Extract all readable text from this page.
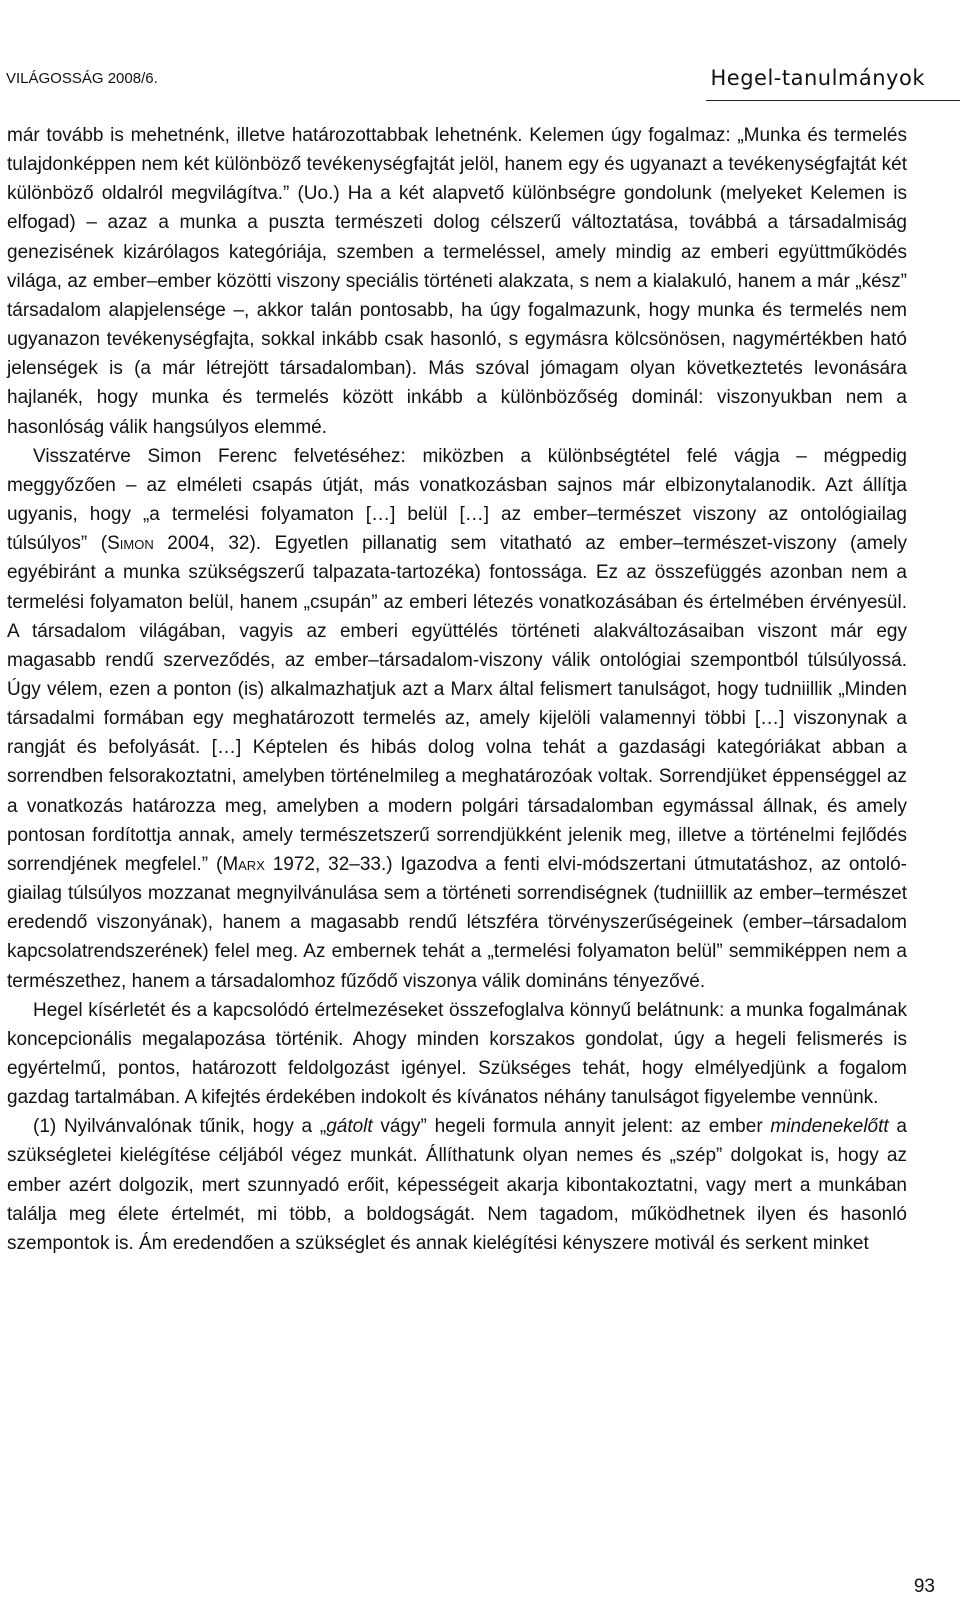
VILÁGOSSÁG 2008/6.	Hegel-tanulmányok

már tovább is mehetnénk, illetve határozottabbak lehetnénk. Kelemen úgy fogalmaz: „Munka és termelés tulajdonképpen nem két különböző tevékenységfajtát jelöl, hanem egy és ugyanazt a tevékenységfajtát két különböző oldalról megvilágítva.” (Uo.) Ha a két alapvető különbségre gondolunk (melyeket Kelemen is elfogad) – azaz a munka a puszta természeti dolog célszerű változtatása, továbbá a társadalmiság genezisének kizárólagos kategóriája, szemben a termeléssel, amely mindig az emberi együttműködés világa, az ember–ember közötti viszony speciális történeti alakzata, s nem a kialakuló, hanem a már „kész” társadalom alapjelensége –, akkor talán pontosabb, ha úgy fogalmazunk, hogy munka és termelés nem ugyanazon tevékenységfajta, sokkal inkább csak hasonló, s egymásra kölcsönösen, nagymértékben ható jelenségek is (a már létrejött társadalomban). Más szóval jómagam olyan következtetés levonására hajlanék, hogy munka és termelés között inkább a különbözőség dominál: viszonyukban nem a hasonlóság válik hangsúlyos elemmé.

Visszatérve Simon Ferenc felvetéséhez: miközben a különbségtétel felé vágja – mégpedig meggyőzően – az elméleti csapás útját, más vonatkozásban sajnos már elbizonytalanodik. Azt állítja ugyanis, hogy „a termelési folyamaton […] belül […] az ember–természet viszony az ontológiailag túlsúlyos” (Simon 2004, 32). Egyetlen pillanatig sem vitatható az ember–természet-viszony (amely egyébiránt a munka szükségszerű talpazata-tartozéka) fontossága. Ez az összefüggés azonban nem a termelési folyamaton belül, hanem „csupán” az emberi létezés vonatkozásában és értelmében érvényesül. A társadalom világában, vagyis az emberi együttélés történeti alakváltozásaiban viszont már egy magasabb rendű szerveződés, az ember–társadalom-viszony válik ontológiai szempontból túlsúlyossá. Úgy vélem, ezen a ponton (is) alkalmazhatjuk azt a Marx által felismert tanulságot, hogy tudniillik „Minden társadalmi formában egy meghatározott termelés az, amely kijelöli valamennyi többi […] viszonynak a rangját és befolyását. […] Képtelen és hibás dolog volna tehát a gazdasági kategóriákat abban a sorrendben felsorakoztatni, amelyben történelmileg a meghatározóak voltak. Sorrendjüket éppenséggel az a vonatkozás határozza meg, amelyben a modern polgári társadalomban egymással állnak, és amely pontosan fordítottja annak, amely természetszerű sorrendjükként jelenik meg, illetve a történelmi fejlődés sorrendjének megfelel.” (Marx 1972, 32–33.) Igazodva a fenti elvi-módszertani útmutatáshoz, az ontológiailag túlsúlyos mozzanat megnyilvánulása sem a történeti sorrendiségnek (tudniillik az ember–természet eredendő viszonyának), hanem a magasabb rendű létszféra törvényszerűségeinek (ember–társadalom kapcsolatrendszerének) felel meg. Az embernek tehát a „termelési folyamaton belül” semmiképpen nem a természethez, hanem a társadalomhoz fűződő viszonya válik domináns tényezővé.

Hegel kísérletét és a kapcsolódó értelmezéseket összefoglalva könnyű belátnunk: a munka fogalmának koncepcionális megalapozása történik. Ahogy minden korszakos gondolat, úgy a hegeli felismerés is egyértelmű, pontos, határozott feldolgozást igényel. Szükséges tehát, hogy elmélyedjünk a fogalom gazdag tartalmában. A kifejtés érdekében indokolt és kívánatos néhány tanulságot figyelembe vennünk.

(1) Nyilvánvalónak tűnik, hogy a „gátolt vágy” hegeli formula annyit jelent: az ember mindenekelőtt a szükségletei kielégítése céljából végez munkát. Állíthatunk olyan nemes és „szép” dolgokat is, hogy az ember azért dolgozik, mert szunnyadó erőit, képességeit akarja kibontakoztatni, vagy mert a munkában találja meg élete értelmét, mi több, a boldogságát. Nem tagadom, működhetnek ilyen és hasonló szempontok is. Ám eredendően a szükséglet és annak kielégítési kényszere motivál és serkent minket

93
